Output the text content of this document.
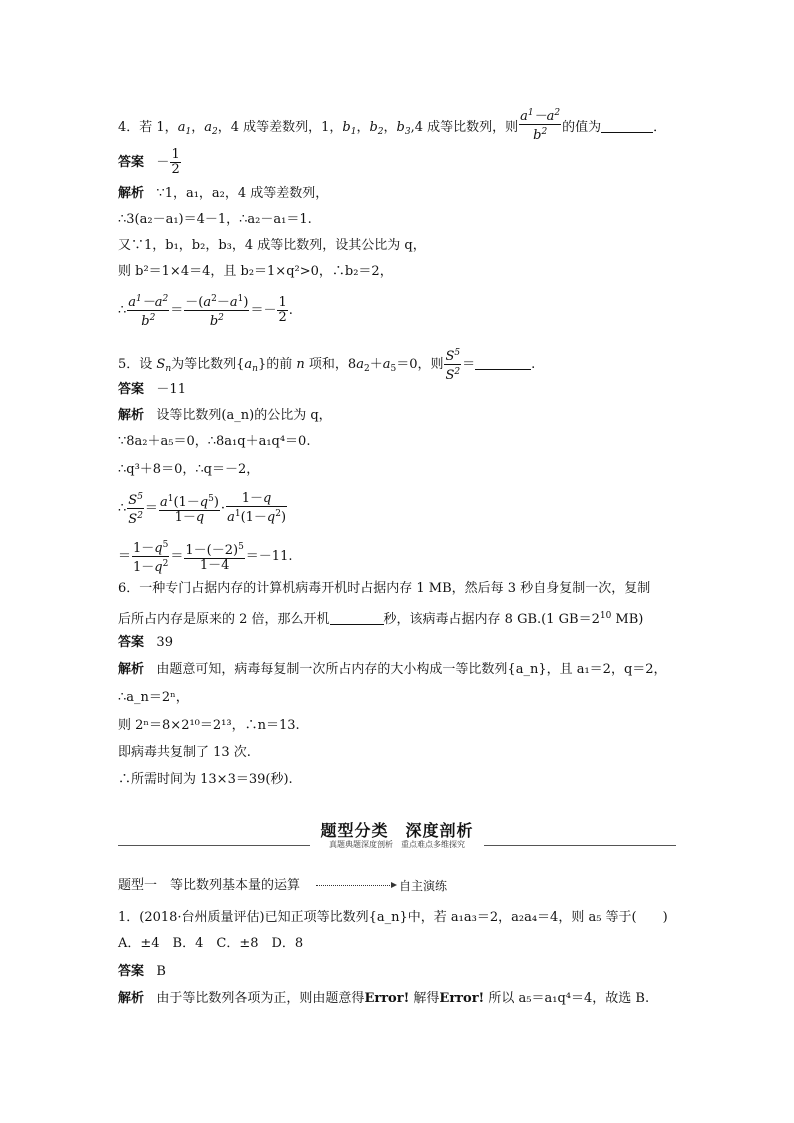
4．若 1，$a_1$，$a_2$，4 成等差数列，1，$b_1$，$b_2$，$b_3,4$ 成等比数列，则 $\frac{a^1-a^2}{b^2}$ 的值为	．
答案 － $\frac{1}{2}$
解析 ∵1，a₁，a₂，4 成等差数列，
∴3(a₂－a₁)＝4－1，∴a₂－a₁＝1.
又∵1，b₁，b₂，b₃，4 成等比数列，设其公比为 q，
则 b²＝1×4＝4，且 b₂＝1×q²>0，∴b₂＝2，
∴ $\frac{a^1-a^2}{b^2} = \frac{-(a^2-a^1)}{b^2} =- \frac{1}{2}$ .
5．设 $S_n$为等比数列$\{a_n\}$的前 n 项和，$8a_2+a_5=0$，则 $\frac{S^5}{S^2}$ ＝	.
答案 －11
解析 设等比数列(a_n)的公比为 q，
∵8a₂＋a₅＝0，∴8a₁q＋a₁q⁴＝0.
∴q³＋8＝0，∴q＝－2，
∴ $\frac{S^5}{S^2} = \frac{a^1(1-q^5)}{1-q} \cdot \frac{1-q}{a^1(1-q^2)}$
＝ $\frac{1-q^5}{1-q^2} = \frac{1-(-2)^5}{1-4} =-11$.
6．一种专门占据内存的计算机病毒开机时占据内存 1 MB，然后每 3 秒自身复制一次，复制
后所占内存是原来的 2 倍，那么开机	秒，该病毒占据内存 8 GB.(1 $GB=2^{10}$ MB)
答案 39
解析 由题意可知，病毒每复制一次所占内存的大小构成一等比数列{a_n}，且 a₁＝2，q＝2，
∴a_n＝2ⁿ，
则 2ⁿ＝8×2¹⁰＝2¹³，∴n＝13.
即病毒共复制了 13 次.
∴所需时间为 13×3＝39(秒).
题型分类　深度剖析
真题典题深度剖析　重点难点多维探究
题型一　等比数列基本量的运算	自主演练
1．(2018·台州质量评估)已知正项等比数列{a_n}中，若 a₁a₃＝2，a₂a₄＝4，则 a₅ 等于(　　)
A．±4　B．4　C．±8　D．8
答案 B
解析 由于等比数列各项为正，则由题意得Error! 解得Error! 所以 a₅＝a₁q⁴＝4，故选 B.
